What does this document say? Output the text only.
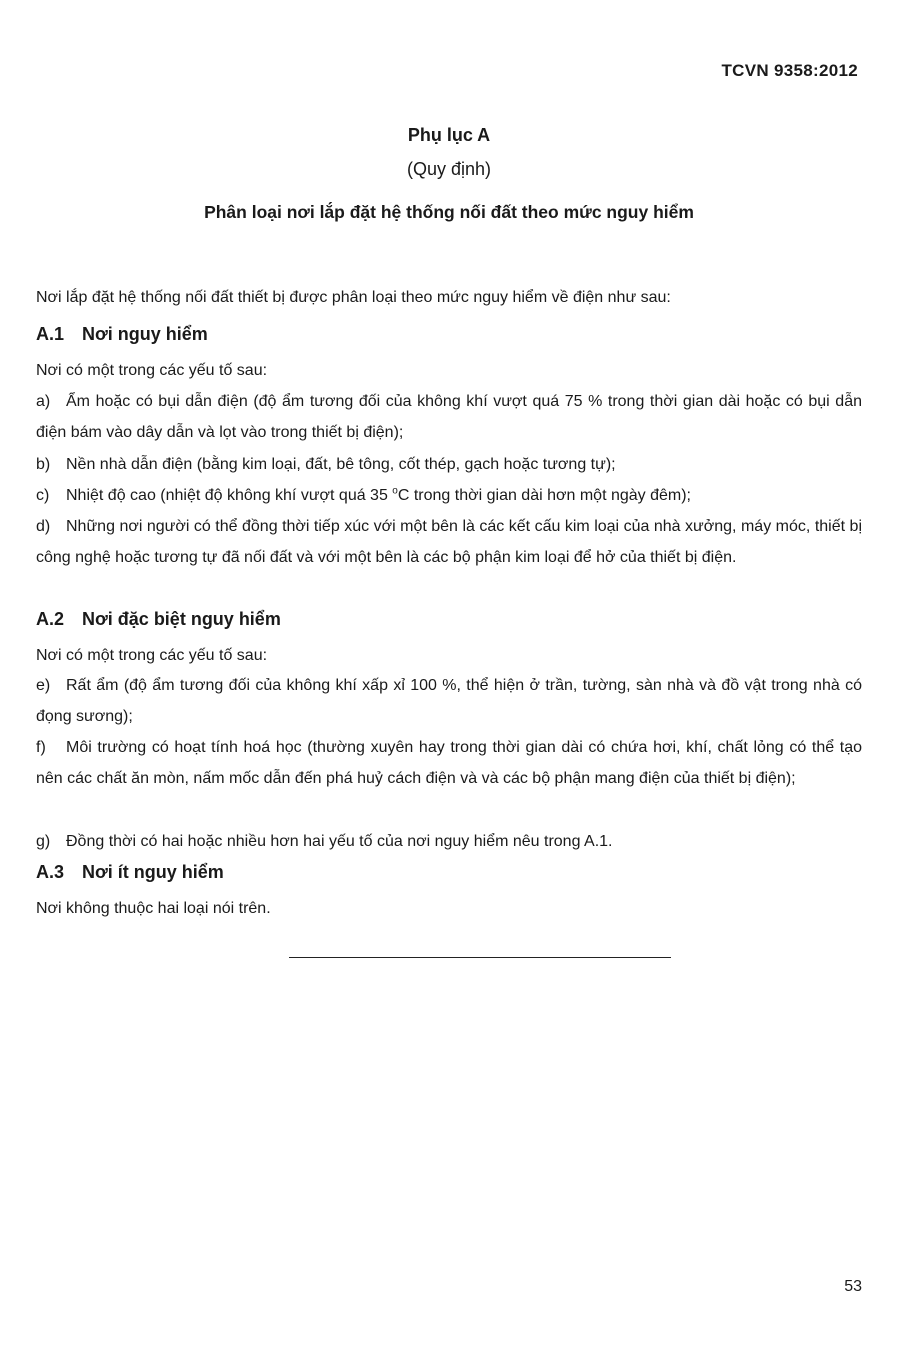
TCVN 9358:2012
Phụ lục A
(Quy định)
Phân loại nơi lắp đặt hệ thống nối đất theo mức nguy hiểm
Nơi lắp đặt hệ thống nối đất thiết bị được phân loại theo mức nguy hiểm về điện như sau:
A.1 Nơi nguy hiểm
Nơi có một trong các yếu tố sau:
a) Ẩm hoặc có bụi dẫn điện (độ ẩm tương đối của không khí vượt quá 75 % trong thời gian dài hoặc có bụi dẫn điện bám vào dây dẫn và lọt vào trong thiết bị điện);
b) Nền nhà dẫn điện (bằng kim loại, đất, bê tông, cốt thép, gạch hoặc tương tự);
c) Nhiệt độ cao (nhiệt độ không khí vượt quá 35 $^o$C trong thời gian dài hơn một ngày đêm);
d) Những nơi người có thể đồng thời tiếp xúc với một bên là các kết cấu kim loại của nhà xưởng, máy móc, thiết bị công nghệ hoặc tương tự đã nối đất và với một bên là các bộ phận kim loại để hở của thiết bị điện.
A.2 Nơi đặc biệt nguy hiểm
Nơi có một trong các yếu tố sau:
e) Rất ẩm (độ ẩm tương đối của không khí xấp xỉ 100 %, thể hiện ở trần, tường, sàn nhà và đồ vật trong nhà có đọng sương);
f) Môi trường có hoạt tính hoá học (thường xuyên hay trong thời gian dài có chứa hơi, khí, chất lỏng có thể tạo nên các chất ăn mòn, nấm mốc dẫn đến phá huỷ cách điện và và các bộ phận mang điện của thiết bị điện);
g) Đồng thời có hai hoặc nhiều hơn hai yếu tố của nơi nguy hiểm nêu trong A.1.
A.3 Nơi ít nguy hiểm
Nơi không thuộc hai loại nói trên.
53
